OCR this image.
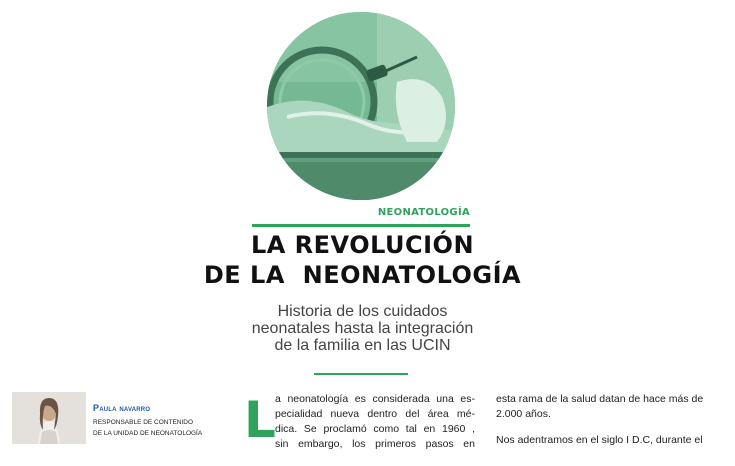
NEONATOLOGÍA
LA REVOLUCIÓN
DE LA  NEONATOLOGÍA
Historia de los cuidados
neonatales hasta la integración
de la familia en las UCIN
Paula navarro
RESPONSABLE DE CONTENIDO
DE LA UNIDAD DE NEONATOLOGÍA L a neonatología es considerada una es-
pecialidad nueva dentro del área mé-
dica. Se proclamó como tal en 1960 ,
sin embargo, los primeros pasos en
esta rama de la salud datan de hace más de
2.000 años.
Nos adentramos en el siglo I D.C, durante el
